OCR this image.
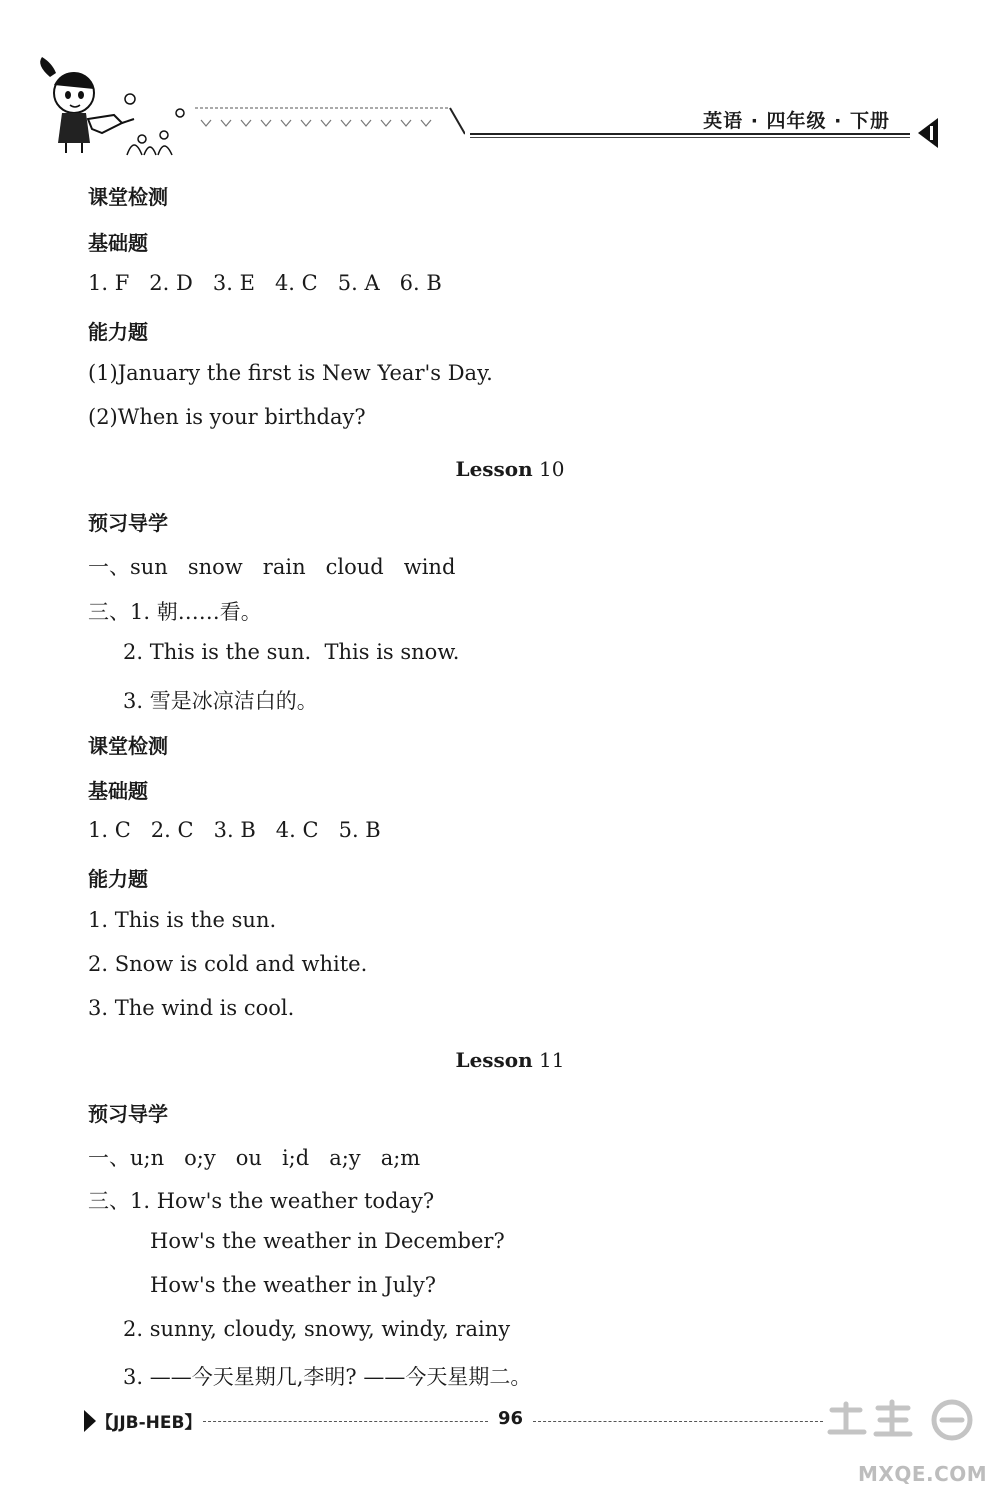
英语 · 四年级 · 下册
课堂检测
基础题
1. F   2. D   3. E   4. C   5. A   6. B
能力题
(1)January the first is New Year's Day.
(2)When is your birthday?
Lesson 10
预习导学
一、sun   snow   rain   cloud   wind
三、1. 朝……看。
2. This is the sun.  This is snow.
3. 雪是冰凉洁白的。
课堂检测
基础题
1. C   2. C   3. B   4. C   5. B
能力题
1. This is the sun.
2. Snow is cold and white.
3. The wind is cool.
Lesson 11
预习导学
一、u;n   o;y   ou   i;d   a;y   a;m
三、1. How's the weather today?
How's the weather in December?
How's the weather in July?
2. sunny, cloudy, snowy, windy, rainy
3. ——今天星期几,李明? ——今天星期二。
【JJB-HEB】	96
MXQE.COM
